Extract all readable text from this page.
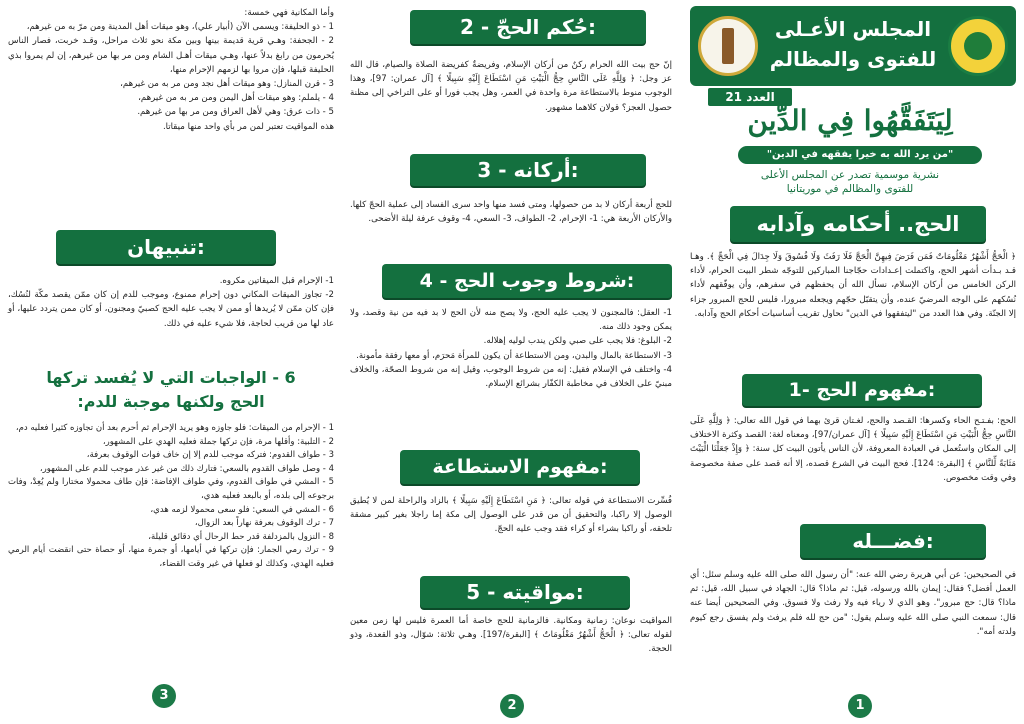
المجلس الأعـلى
للفتوى والمظالم
العدد 21
لِيَتَفَقَّهُوا فِي الدِّين
"من يرد الله به خيرا يفقهه في الدين"
نشرية موسمية تصدر عن المجلس الأعلى
للفتوى والمظالم في موريتانيا
الحج.. أحكامه وآدابه

﴿ الْحَجُّ أَشْهُرٌ مَعْلُومَاتٌ فَمَن فَرَضَ فِيهِنَّ الْحَجَّ فَلَا رَفَثَ وَلَا فُسُوقَ وَلَا جِدَالَ فِي الْحَجِّ ﴾. وهـا قـد بـدأت أشهر الحج، واكتملت إعـدادات حجّاجنا المباركين للتوجّه شطر البيت الحرام، لأداء الركن الخامس من أركان الإسلام، نسأل الله أن يحفظهم في سفرهم، وأن يوفّقهم لأداء نُسُكهم على الوجه المرضيّ عنده، وأن يتقبّل حجّهم ويجعله مبرورا، فليس للحج المبرور جزاء إلا الجنّة. وفي هذا العدد من "ليتفقهوا في الدين" نحاول تقريب أساسيات أحكام الحج وآدابه.

1- مفهوم الحج:

الحج: بفـتـح الحاء وكسرها: القـصد والحج، لغـتان قرئ بهما في قول الله تعالى: ﴿ وَلِلَّهِ عَلَى النَّاسِ حِجُّ الْبَيْتِ مَنِ اسْتَطَاعَ إِلَيْهِ سَبِيلًا ﴾ [آل عمران/97]، ومعناه لغة: القصد وكثرة الاختلاف إلى المكان واستُعمل في العبادة المعروفة، لأن الناس يأتون البيت كل سنة: ﴿ وَإِذْ جَعَلْنَا الْبَيْتَ مَثَابَةً لِّلنَّاسِ ﴾ [البقرة: 124]. فحج البيت في الشرع قصده، إلا أنه قصد على صفة مخصوصة وفي وقت مخصوص.

فضـــله:

في الصحيحين: عن أبي هريرة رضي الله عنه: "أن رسول الله صلى الله عليه وسلم سئل: أي العمل أفضل؟ فقال: إيمان بالله ورسوله، قيل: ثم ماذا؟ قال: الجهاد في سبيل الله، قيل: ثم ماذا؟ قال: حج مبرور". وهو الذي لا رياء فيه ولا رفث ولا فسوق. وفي الصحيحين أيضا عنه قال: سمعت النبي صلى الله عليه وسلم يقول: "من حج لله فلم يرفث ولم يفسق رجع كيوم ولدته أمه".

1
2 - حُكم الحجّ:

إنّ حج بيت الله الحرام ركنٌ من أركان الإسلام، وفريضةٌ كفريضة الصلاة والصيام، قال الله عز وجل: ﴿ وَلِلَّهِ عَلَى النَّاسِ حِجُّ الْبَيْتِ مَنِ اسْتَطَاعَ إِلَيْهِ سَبِيلًا ﴾ [آل عمران: 97]، وهذا الوجوب منوط بالاستطاعة مرة واحدة في العمر، وهل يجب فورا أو على التراخي إلى مظنة حصول العجز؟ قولان كلاهما مشهور.

3 - أركانه:

للحج أربعة أركان لا بد من حصولها، ومتى فسد منها واحد سرى الفساد إلى عملية الحجّ كلها. والأركان الأربعة هي: 1- الإحرام، 2- الطواف، 3- السعي، 4- وقوف عرفة ليلة الأضحى.

4 - شروط وجوب الحج:

1- العقل: فالمجنون لا يجب عليه الحج، ولا يصح منه لأن الحج لا بد فيه من نية وقصد، ولا يمكن وجود ذلك منه.

2- البلوغ: فلا يجب على صبي ولكن يندب لوليه إهلاله.

3- الاستطاعة بالمال والبدن، ومن الاستطاعة أن يكون للمرأة مَحرَم، أو معها رفقة مأمونة.

4- واختلف في الإسلام فقيل: إنه من شروط الوجوب، وقيل إنه من شروط الصحّة، والخلاف مبنيّ على الخلاف في مخاطبة الكفّار بشرائع الإسلام.

مفهوم الاستطاعة:

فُسِّرت الاستطاعة في قوله تعالى: ﴿ مَنِ اسْتَطَاعَ إِلَيْهِ سَبِيلًا ﴾ بالزاد والراحلة لمن لا يُطيق الوصول إلا راكبا، والتحقيق أن من قدر على الوصول إلى مكة إما راجلا بغير كبير مشقة تلحقه، أو راكبا بشراء أو كراء فقد وجب عليه الحجّ.

5 - مواقيته:

المواقيت نوعان: زمانية ومكانية. فالزمانية للحج خاصة أما العمرة فليس لها زمن معين لقوله تعالى: ﴿ الْحَجُّ أَشْهُرٌ مَعْلُومَاتٌ ﴾ [البقرة/197]. وهـي ثلاثة: شوّال، وذو القعدة، وذو الحجة.

2

وأما المكانية فهي خمسة:

1 - ذو الحليفة: ويسمى الآن (أبيار علي)، وهو ميقات أهل المدينة ومن مرّ به من غيرهم،

2 - الجحفة: وهـي قرية قديمة بينها وبين مكة نحو ثلاث مراحل، وقـد خربت، فصار الناس يُحرمون من رابغ بدلاً عنها، وهـي ميقات أهـل الشام ومن مر بها من غيرهم، إن لم يمروا بذي الحليفة قبلها، فإن مروا بها لزمهم الإحرام منها،

3 - قرن المنازل: وهو ميقات أهل نجد ومن مر به من غيرهم،

4 - يلملم: وهو ميقات أهل اليمن ومن مر به من غيرهم،

5 - ذات عرق: وهي لأهل العراق ومن مر بها من غيرهم.

هذه المواقيت تعتبر لمن مر بأي واحد منها ميقاتا.

تنبيهان:

1- الإحرام قبل الميقاتين مكروه.

2- تجاوز الميقات المكاني دون إحرام ممنوع، وموجب للدم إن كان ممّن يقصد مكّة لنُسُك، فإن كان ممّن لا يُريدها أو ممن لا يجب عليه الحج كصبيّ ومجنون، أو كان ممن يتردد عليها، أو عاد لها من قريب لحاجة، فلا شيء عليه في ذلك.

6 - الواجبات التي لا يُفسد تركها
الحج ولكنها موجبة للدم:

1 - الإحرام من الميقات: فلو جاوزه وهو يريد الإحرام ثم أحرم بعد أن تجاوزه كثيرا فعليه دم،

2 - التلبية: وأقلها مرة، فإن تركها جملة فعليه الهدي على المشهور،

3 - طواف القدوم: فتركه موجب للدم إلا إن خاف فوات الوقوف بعرفة،

4 - وصل طواف القدوم بالسعي: فتارك ذلك من غير عذر موجب للدم على المشهور،

5 - المشي في طواف القدوم، وفي طواف الإفاضة: فإن طاف محمولا مختارا ولم يُعِدْ، وفات برجوعه إلى بلده، أو بالبعد فعليه هدي،

6 - المشي في السعي: فلو سعى محمولا لزمه هدي،

7 - ترك الوقوف بعرفة نهاراً بعد الزوال،

8 - النزول بالمزدلفة قدر حط الرحال أي دقائق قليلة،

9 - ترك رمي الجمار: فإن تركها في أيامها، أو جمرة منها، أو حصاة حتى انقضت أيام الرمي فعليه الهدي، وكذلك لو فعلها في غير وقت القضاء،

3
